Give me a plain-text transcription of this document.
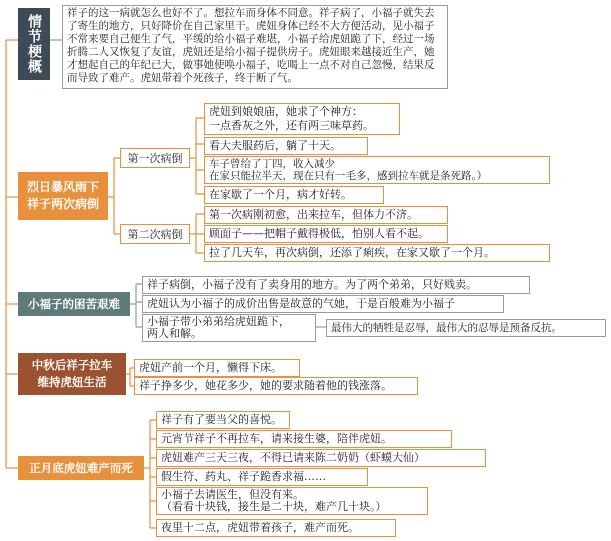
情节梗概
祥子的这一病就怎么也好不了。想拉车而身体不同意。祥子病了，小福子就失去了寄生的地方，只好降价在自己家里干。虎妞身体已经不大方便活动，见小福子不常来要自己便生了气，平缓的给小福子难堪，小福子给虎妞跪了下，经过一场折腾二人又恢复了友谊，虎妞还是给小福子提供房子。虎妞眼来越接近生产，她才想起自己的年纪已大，做事她使唤小福子，吃喝上一点不对自己忽慢，结果反而导致了难产。虎妞带着个死孩子，终于断了气。
烈日暴风雨下
祥子两次病倒
第一次病倒
第二次病倒
虎妞到娘娘庙，她求了个神方：
一点香灰之外，还有两三味草药。
看大夫服药后，躺了十天。
车子曾给了丁四，收入减少
在家只能拉半天，现在只有一毛多，感到拉车就是条死路。）
在家歇了一个月，病才好转。
第一次病刚初愈，出来拉车，但体力不济。
顾面子——把帽子戴得极低，怕别人看不起。
拉了几天车，再次病倒，还添了痢疾，在家又歇了一个月。
小福子的困苦艰难
祥子病倒，小福子没有了卖身用的地方。为了两个弟弟，只好贱卖。
虎妞认为小福子的成价出售是故意的气她，于是百般难为小福子
小福子带小弟弟给虎妞跪下，
两人和解。	最伟大的牺牲是忍辱，最伟大的忍辱是预备反抗。
中秋后祥子拉车
维持虎妞生活
虎妞产前一个月，懒得下床。
祥子挣多少，她花多少，她的要求随着他的钱涨落。
正月底虎妞难产而死
祥子有了要当父的喜悦。
元宵节祥子不再拉车，请来接生婆，陪伴虎妞。
虎妞难产三天三夜，不得已请来陈二奶奶（虾蟆大仙）
假生符、药丸、祥子跪香求福……
小福子去请医生，但没有来。
（看看十块钱，接生是二十块，难产几十块。）
夜里十二点，虎妞带着孩子，难产而死。
